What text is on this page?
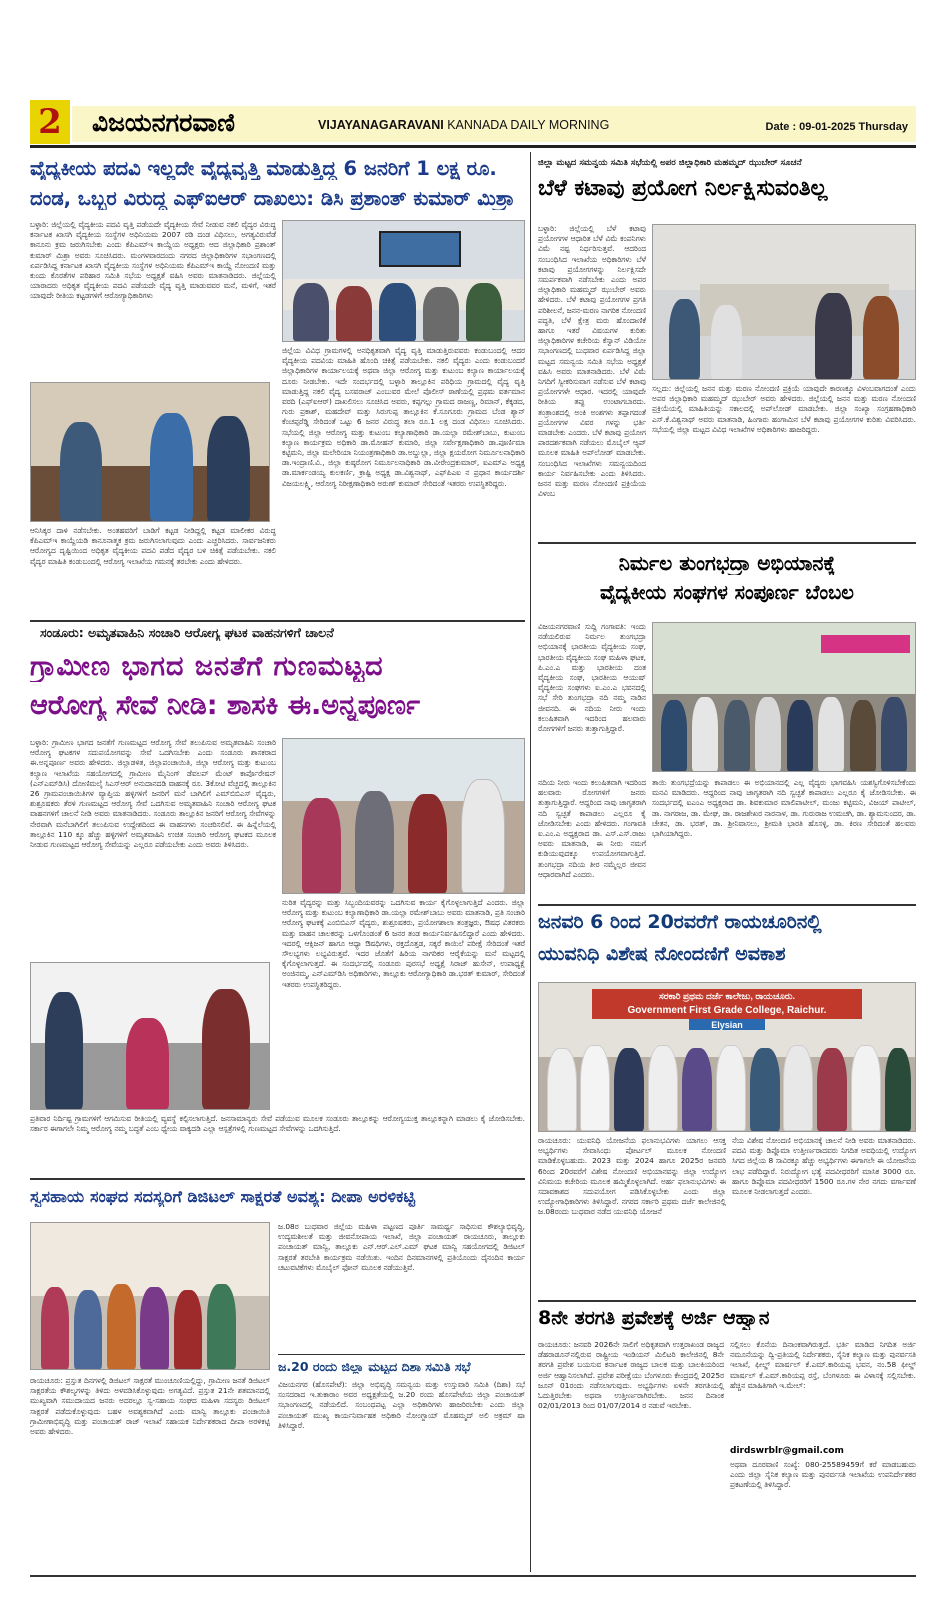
2	ವಿಜಯನಗರವಾಣಿ	VIJAYANAGARAVANI KANNADA DAILY MORNING	Date : 09-01-2025 Thursday
ವೈದ್ಯಕೀಯ ಪದವಿ ಇಲ್ಲದೇ ವೈದ್ಯವೃತ್ತಿ ಮಾಡುತ್ತಿದ್ದ 6 ಜನರಿಗೆ 1 ಲಕ್ಷ ರೂ.
ದಂಡ, ಒಬ್ಬರ ವಿರುದ್ಧ ಎಫ್‌ಐಆರ್ ದಾಖಲು: ಡಿಸಿ ಪ್ರಶಾಂತ್ ಕುಮಾರ್ ಮಿಶ್ರಾ
ಬಳ್ಳಾರಿ: ಜಿಲ್ಲೆಯಲ್ಲಿ ವೈದ್ಯಕೀಯ ಪದವಿ ವೃತ್ತಿ ಪಡೆಯದೇ ವೈದ್ಯಕೀಯ ಸೇವೆ ನೀಡುವ ನಕಲಿ ವೈದ್ಯರ ವಿರುದ್ಧ ಕರ್ನಾಟಕ ಖಾಸಗಿ ವೈದ್ಯಕೀಯ ಸಂಸ್ಥೆಗಳ ಅಧಿನಿಯಮ 2007 ರಡಿ ದಂಡ ವಿಧಿಸಲು, ಅಗತ್ಯವಿರುವೆಡೆ ಕಾನೂನು ಕ್ರಮ ಜರುಗಿಸಬೇಕು ಎಂದು ಕೆಪಿಎಮ್‌ಇ ಕಾಯ್ದೆಯ ಅಧ್ಯಕ್ಷರು ಆದ ಜಿಲ್ಲಾಧಿಕಾರಿ ಪ್ರಶಾಂತ್ ಕುಮಾರ್ ಮಿಶ್ರಾ ಅವರು ಸೂಚಿಸಿದರು. ಮಂಗಳವಾರದಂದು ನಗರದ ಜಿಲ್ಲಾಧಿಕಾರಿಗಳ ಸಭಾಂಗಣದಲ್ಲಿ ಏರ್ಪಡಿಸಿದ್ದ ಕರ್ನಾಟಕ ಖಾಸಗಿ ವೈದ್ಯಕೀಯ ಸಂಸ್ಥೆಗಳ ಅಧಿನಿಯಮ ಕೆಪಿಎಮ್‌ಇ ಕಾಯ್ದೆ ನೋಂದಣಿ ಮತ್ತು ಕುಂದು ಕೊರತೆಗಳ ಪರಿಹಾರ ಸಮಿತಿ ಸಭೆಯ ಅಧ್ಯಕ್ಷತೆ ವಹಿಸಿ ಅವರು ಮಾತನಾಡಿದರು. ಜಿಲ್ಲೆಯಲ್ಲಿ ಯಾರಾದರು ಅಧಿಕೃತ ವೈದ್ಯಕೀಯ ಪದವಿ ಪಡೆಯದೇ ವೈದ್ಯ ವೃತ್ತಿ ಮಾಡುವವರ ಮನೆ, ಮಳಿಗೆ, ಇತರೆ ಯಾವುದೇ ರೀತಿಯ ಕಟ್ಟಡಗಳಿಗೆ ಆರೋಗ್ಯಾಧಿಕಾರಿಗಳು
ಆನಿಸಿಕ್ಕರ ದಾಳಿ ನಡೆಸಬೇಕು. ಅಂತಹವರಿಗೆ ಬಾಡಿಗೆ ಕಟ್ಟಡ ನೀಡಿದ್ದಲ್ಲಿ ಕಟ್ಟಡ ಮಾಲೀಕರ ವಿರುದ್ಧ ಕೆಪಿಎಮ್‌ಇ ಕಾಯ್ದೆಯಡಿ ಕಾನೂನಾತ್ಮಕ ಕ್ರಮ ಜರುಗಿಸಲಾಗುವುದು ಎಂದು ಎಚ್ಚರಿಸಿದರು. ಸಾರ್ವಜನಿಕರು ಆರೋಗ್ಯದ ದೃಷ್ಟಿಯಿಂದ ಅಧಿಕೃತ ವೈದ್ಯಕೀಯ ಪದವಿ ಪಡೆದ ವೈದ್ಯರ ಬಳಿ ಚಿಕಿತ್ಸೆ ಪಡೆಯಬೇಕು. ನಕಲಿ ವೈದ್ಯರ ಮಾಹಿತಿ ಕಂಡುಬಂದಲ್ಲಿ ಆರೋಗ್ಯ ಇಲಾಖೆಯ ಗಮನಕ್ಕೆ ತರಬೇಕು ಎಂದು ಹೇಳಿದರು.
ಜಿಲ್ಲೆಯ ವಿವಿಧ ಗ್ರಾಮಗಳಲ್ಲಿ ಅನಧಿಕೃತವಾಗಿ ವೈದ್ಯ ವೃತ್ತಿ ಮಾಡುತ್ತಿರುವವರು ಕಂಡುಬಂದಲ್ಲಿ ಆದರ ವೈದ್ಯಕೀಯ ಪದವಿಯ ಮಾಹಿತಿ ಹೊಂದಿ ಚಿಕಿತ್ಸೆ ಪಡೆಯಬೇಕು. ನಕಲಿ ವೈದ್ಯರು ಎಂದು ಕಂಡುಬಂದರೆ ಜಿಲ್ಲಾಧಿಕಾರಿಗಳ ಕಾರ್ಯಾಲಯಕ್ಕೆ ಅಥವಾ ಜಿಲ್ಲಾ ಆರೋಗ್ಯ ಮತ್ತು ಕುಟುಂಬ ಕಲ್ಯಾಣ ಕಾರ್ಯಾಲಯಕ್ಕೆ ದೂರು ನೀಡಬೇಕು. ಇದೇ ಸಂದರ್ಭದಲ್ಲಿ ಬಳ್ಳಾರಿ ತಾಲ್ಲೂಕಿನ ಪರಿಧಿಯ ಗ್ರಾಮದಲ್ಲಿ ವೈದ್ಯ ವೃತ್ತಿ ಮಾಡುತ್ತಿದ್ದ ನಕಲಿ ವೈದ್ಯ ಬಸವರಾಜ್ ಎಂಬುವರ ಮೇಲೆ ಪೊಲೀಸ್ ಠಾಣೆಯಲ್ಲಿ ಪ್ರಥಮ ವರ್ತಮಾನ ವರದಿ (ಎಫ್‌ಐಆರ್) ದಾಖಲಿಸಲು ಸೂಚಿಸಿದ ಅವರು, ಕಪ್ಪಗಲ್ಲು ಗ್ರಾಮದ ರಾಜಣ್ಣ, ರಿಮಾನ್, ಕೆಕ್ಕಡದ, ಗುರು ಪ್ರಕಾಶ್, ಮಹದೇವ್ ಮತ್ತು ಸಿರುಗುಪ್ಪ ತಾಲ್ಲೂಕಿನ ಕೆ.ಸೂಗೂರು ಗ್ರಾಮದ ಬೆಂಡ ಶ್ಯಾನ್ ಕೆಂಚಪ್ಪರೆಡ್ಡಿ ಸೇರಿದಂತೆ ಒಟ್ಟು 6 ಜನರ ವಿರುದ್ಧ ತಲಾ ರೂ.1 ಲಕ್ಷ ದಂಡ ವಿಧಿಸಲು ಸೂಚಿಸಿದರು. ಸಭೆಯಲ್ಲಿ ಜಿಲ್ಲಾ ಆರೋಗ್ಯ ಮತ್ತು ಕುಟುಂಬ ಕಲ್ಯಾಣಾಧಿಕಾರಿ ಡಾ.ಯಲ್ಲಾ ರಮೇಶ್‌ಬಾಬು, ಕುಟುಂಬ ಕಲ್ಯಾಣ ಕಾರ್ಯಕ್ರಮ ಅಧಿಕಾರಿ ಡಾ.ಮೋಹನ್ ಕುಮಾರಿ, ಜಿಲ್ಲಾ ಸರ್ವೇಕ್ಷಣಾಧಿಕಾರಿ ಡಾ.ಪೂರ್ಣಿಮಾ ಕಟ್ಟಿಮನಿ, ಜಿಲ್ಲಾ ಮಲೇರಿಯಾ ನಿಯಂತ್ರಣಾಧಿಕಾರಿ ಡಾ.ಅಬ್ದುಲ್ಲಾ, ಜಿಲ್ಲಾ ಕ್ಷಯರೋಗ ನಿರ್ಮೂಲನಾಧಿಕಾರಿ ಡಾ.ಇಂದ್ರಾಣಿ.ವಿ., ಜಿಲ್ಲಾ ಕುಷ್ಠರೋಗ ನಿರ್ಮೂಲನಾಧಿಕಾರಿ ಡಾ.ವೀರೇಂದ್ರಕುಮಾರ್, ಐಎಮ್‌ಎ ಅಧ್ಯಕ್ಷ ಡಾ.ಮಾರ್ಕಂಡಯ್ಯ ಕುಲಕರ್ಣಿ, ಕ್ರಾಷ್ಟಿ ಅಧ್ಯಕ್ಷ ಡಾ.ವಿಶ್ವನಾಥ್, ಎಫ್‌ಪಿಎಐ ನ ಪ್ರಧಾನ ಕಾರ್ಯದರ್ಶಿ ವಿಜಯಲಕ್ಷ್ಮಿ, ಆರೋಗ್ಯ ನಿರೀಕ್ಷಣಾಧಿಕಾರಿ ಅರುಣ್ ಕುಮಾರ್ ಸೇರಿದಂತೆ ಇತರರು ಉಪಸ್ಥಿತರಿದ್ದರು.
ಸಂಡೂರು: ಅಮೃತವಾಹಿನಿ ಸಂಚಾರಿ ಆರೋಗ್ಯ ಘಟಕ ವಾಹನಗಳಿಗೆ ಚಾಲನೆ
ಗ್ರಾಮೀಣ ಭಾಗದ ಜನತೆಗೆ ಗುಣಮಟ್ಟದ
ಆರೋಗ್ಯ ಸೇವೆ ನೀಡಿ: ಶಾಸಕಿ ಈ.ಅನ್ನಪೂರ್ಣ
ಬಳ್ಳಾರಿ: ಗ್ರಾಮೀಣ ಭಾಗದ ಜನತೆಗೆ ಗುಣಮಟ್ಟದ ಆರೋಗ್ಯ ಸೇವೆ ತಲುಪಿಸುವ ಅಮೃತವಾಹಿನಿ ಸಂಚಾರಿ ಆರೋಗ್ಯ ಘಟಕಗಳ ಸದುಪಯೋಗವನ್ನು ಸೇವೆ ಒದಗಿಸಬೇಕು ಎಂದು ಸಂಡೂರು ಶಾಸಕರಾದ ಈ.ಅನ್ನಪೂರ್ಣ ಅವರು ಹೇಳಿದರು. ಜಿಲ್ಲಾಡಳಿತ, ಜಿಲ್ಲಾಪಂಚಾಯಿತಿ, ಜಿಲ್ಲಾ ಆರೋಗ್ಯ ಮತ್ತು ಕುಟುಂಬ ಕಲ್ಯಾಣ ಇಲಾಖೆಯ ಸಹಯೋಗದಲ್ಲಿ ಗ್ರಾಮೀಣ ಮೈನಿಂಗ್ ಡೆವಲಪ್ ಮೆಂಟ್ ಕಾರ್ಪೊರೇಷನ್ (ಎನ್‌ಎಮ್‌ಡಿಸಿ) ದೋಣಿಮಲೈ ಸಿಎಸ್‌ಆರ್ ಅನುದಾನದಡಿ ವಾಹನಕ್ಕೆ ರೂ. 3ಕೋಟಿ ವೆಚ್ಚದಲ್ಲಿ ತಾಲ್ಲೂಕಿನ 26 ಗ್ರಾಮಪಂಚಾಯಿತಿಗಳ ವ್ಯಾಪ್ತಿಯ ಹಳ್ಳಿಗಳಿಗೆ ಜನರಿಗೆ ಮನೆ ಬಾಗಿಲಿಗೆ ಎಮ್‌ಬಿಬಿಎಸ್ ವೈದ್ಯರು, ಶುಶ್ರೂಷಕರು ತೆರಳಿ ಗುಣಮಟ್ಟದ ಆರೋಗ್ಯ ಸೇವೆ ಒದಗಿಸುವ ಅಮೃತವಾಹಿನಿ ಸಂಚಾರಿ ಆರೋಗ್ಯ ಘಟಕ ವಾಹನಗಳಿಗೆ ಚಾಲನೆ ನೀಡಿ ಅವರು ಮಾತನಾಡಿದರು. ಸಂಡೂರು ತಾಲ್ಲೂಕಿನ ಜನರಿಗೆ ಆರೋಗ್ಯ ಸೇವೆಗಳನ್ನು ನೇರವಾಗಿ ಮನೆಬಾಗಿಲಿಗೆ ತಲುಪಿಸುವ ಉದ್ದೇಶದಿಂದ ಈ ವಾಹನಗಳು ಸಂಚರಿಸಲಿವೆ. ಈ ಹಿನ್ನೆಲೆಯಲ್ಲಿ ತಾಲ್ಲೂಕಿನ 110 ಕ್ಕೂ ಹೆಚ್ಚು ಹಳ್ಳಿಗಳಿಗೆ ಅಮೃತವಾಹಿನಿ ಉಚಿತ ಸಂಚಾರಿ ಆರೋಗ್ಯ ಘಟಕದ ಮೂಲಕ ನೀಡುವ ಗುಣಮಟ್ಟದ ಆರೋಗ್ಯ ಸೇವೆಯನ್ನು ಎಲ್ಲರೂ ಪಡೆಯಬೇಕು ಎಂದು ಅವರು ತಿಳಿಸಿದರು.
ನುರಿತ ವೈದ್ಯರನ್ನು ಮತ್ತು ಸಿಬ್ಬಂದಿಯವರನ್ನು ಒದಗಿಸುವ ಕಾರ್ಯ ಕೈಗೊಳ್ಳಲಾಗುತ್ತಿದೆ ಎಂದರು. ಜಿಲ್ಲಾ ಆರೋಗ್ಯ ಮತ್ತು ಕುಟುಂಬ ಕಲ್ಯಾಣಾಧಿಕಾರಿ ಡಾ.ಯಲ್ಲಾ ರಮೇಶ್‌ಬಾಬು ಅವರು ಮಾತನಾಡಿ, ಪ್ರತಿ ಸಂಚಾರಿ ಆರೋಗ್ಯ ಘಟಕಕ್ಕೆ ಎಂಬಿಬಿಎಸ್ ವೈದ್ಯರು, ಶುಶ್ರೂಷಕರು, ಪ್ರಯೋಗಶಾಲಾ ತಂತ್ರಜ್ಞರು, ಔಷಧ ವಿತರಕರು ಮತ್ತು ವಾಹನ ಚಾಲಕರನ್ನು ಒಳಗೊಂಡಂತೆ 6 ಜನರ ತಂಡ ಕಾರ್ಯನಿರ್ವಹಿಸಲಿದ್ದಾರೆ ಎಂದು ಹೇಳಿದರು. ಇದರಲ್ಲಿ ಆಕ್ಸಿಜನ್ ಹಾಗೂ ಆಧ್ಯಾ ಔಷಧಿಗಳು, ರಕ್ತದೊತ್ತಡ, ಸಕ್ಕರೆ ಕಾಯಿಲೆ ಪರೀಕ್ಷೆ ಸೇರಿದಂತೆ ಇತರೆ ಸೌಲಭ್ಯಗಳು ಲಭ್ಯವಿರುತ್ತವೆ. ಇದರ ಜೊತೆಗೆ ಹಿರಿಯ ನಾಗರಿಕರ ಆರೈಕೆಯನ್ನು ಮನೆ ಮಟ್ಟದಲ್ಲಿ ಕೈಗೊಳ್ಳಲಾಗುತ್ತದೆ. ಈ ಸಂದರ್ಭದಲ್ಲಿ ಸಂಡೂರು ಪುರಸಭೆ ಅಧ್ಯಕ್ಷೆ ಸಿರಾಜ್ ಹುಸೇನ್, ಉಪಾಧ್ಯಕ್ಷೆ ಅಂಜಿನಮ್ಮ, ಎನ್‌ಎಮ್‌ಡಿಸಿ ಅಧಿಕಾರಿಗಳು, ತಾಲ್ಲೂಕು ಆರೋಗ್ಯಾಧಿಕಾರಿ ಡಾ.ಭರತ್ ಕುಮಾರ್, ಸೇರಿದಂತೆ ಇತರರು ಉಪಸ್ಥಿತರಿದ್ದರು.
ಪ್ರತಿವಾರ ನಿರ್ದಿಷ್ಟ ಗ್ರಾಮಗಳಿಗೆ ಆಗಮಿಸುವ ರೀತಿಯಲ್ಲಿ ವ್ಯವಸ್ಥೆ ಕಲ್ಪಿಸಲಾಗುತ್ತಿದೆ. ಜನಸಾಮಾನ್ಯರು ಸೇವೆ ಪಡೆಯುವ ಮೂಲಕ ಸಂಡೂರು ತಾಲ್ಲೂಕನ್ನು ಆರೋಗ್ಯಯುಕ್ತ ತಾಲ್ಲೂಕನ್ನಾಗಿ ಮಾಡಲು ಕೈ ಜೋಡಿಸಬೇಕು. ಸರ್ಕಾರ ಈಗಾಗಲೇ ನಿಮ್ಮ ಆರೋಗ್ಯ ನಮ್ಮ ಬದ್ಧತೆ ಎಂಬ ಧ್ಯೇಯ ವಾಕ್ಯದಡಿ ಎಲ್ಲಾ ಆಸ್ಪತ್ರೆಗಳಲ್ಲಿ ಗುಣಮಟ್ಟದ ಸೇವೆಗಳನ್ನು ಒದಗಿಸುತ್ತಿದೆ.
ಸ್ವಸಹಾಯ ಸಂಘದ ಸದಸ್ಯರಿಗೆ ಡಿಜಿಟಲ್ ಸಾಕ್ಷರತೆ ಅವಶ್ಯ: ದೀಪಾ ಅರಳಿಕಟ್ಟಿ
ಜ.08ರ ಬುಧವಾರ ಜಿಲ್ಲೆಯ ಮಹಿಳಾ ಪಟ್ಟಣದ ಪೂರ್ತಿ ಸಾಮರ್ಥ್ಯ ಸಾಧಿಸುವ ಕೌಶಲ್ಯಾಭಿವೃದ್ಧಿ, ಉದ್ಯಮಶೀಲತೆ ಮತ್ತು ಜೀವನೋಪಾಯ ಇಲಾಖೆ, ಜಿಲ್ಲಾ ಪಂಚಾಯತ್ ರಾಯಚೂರು, ತಾಲ್ಲೂಕು ಪಂಚಾಯತ್ ಮಾನ್ವಿ, ತಾಲ್ಲೂಕು ಎನ್.ಆರ್.ಎಲ್.ಎಮ್ ಘಟಕ ಮಾನ್ವಿ ಸಹಯೋಗದಲ್ಲಿ ಡಿಜಿಟಲ್ ಸಾಕ್ಷರತೆ ತರಬೇತಿ ಕಾರ್ಯಕ್ರಮ ನಡೆಯಿತು. ಇಂದಿನ ದಿನಮಾನಗಳಲ್ಲಿ ಪ್ರತಿಯೊಂದು ದೈನಂದಿನ ಕಾರ್ಯ ಚಟುವಟಿಕೆಗಳು ಮೊಬೈಲ್ ಫೋನ್ ಮೂಲಕ ನಡೆಯುತ್ತಿವೆ.
ರಾಯಚೂರು: ಪ್ರಸ್ತುತ ದಿನಗಳಲ್ಲಿ ಡಿಜಿಟಲ್ ಸಾಕ್ಷರತೆ ಮುಂಚೂಣಿಯಲ್ಲಿದ್ದು, ಗ್ರಾಮೀಣ ಜನತೆ ಡಿಜಿಟಲ್ ಸಾಕ್ಷರತೆಯ ಕೌಶಲ್ಯಗಳನ್ನು ತಿಳಿದು ಅಳವಡಿಸಿಕೊಳ್ಳುವುದು ಅಗತ್ಯವಿದೆ. ಪ್ರಸ್ತುತ 21ನೇ ಶತಮಾನದಲ್ಲಿ ಮುಖ್ಯವಾಗಿ ಸಮುದಾಯದ ಜನರು ಅದರಲ್ಲೂ ಸ್ವ-ಸಹಾಯ ಸಂಘದ ಮಹಿಳಾ ಸದಸ್ಯರು ಡಿಜಿಟಲ್ ಸಾಕ್ಷರತೆ ಪಡೆದುಕೊಳ್ಳುವುದು ಬಹಳ ಅವಶ್ಯಕವಾಗಿದೆ ಎಂದು ಮಾನ್ವಿ ತಾಲ್ಲೂಕು ಪಂಚಾಯಿತಿ ಗ್ರಾಮೀಣಾಭಿವೃದ್ಧಿ ಮತ್ತು ಪಂಚಾಯತ್ ರಾಜ್ ಇಲಾಖೆ ಸಹಾಯಕ ನಿರ್ದೇಶಕರಾದ ದೀಪಾ ಅರಳಿಕಟ್ಟಿ ಅವರು ಹೇಳಿದರು.
ಜ.20 ರಂದು ಜಿಲ್ಲಾ ಮಟ್ಟದ ದಿಶಾ ಸಮಿತಿ ಸಭೆ
ವಿಜಯನಗರ (ಹೊಸಪೇಟೆ): ಜಿಲ್ಲಾ ಅಭಿವೃದ್ಧಿ ಸಮನ್ವಯ ಮತ್ತು ಉಸ್ತುವಾರಿ ಸಮಿತಿ (ದಿಶಾ) ಸಭೆ ಸಂಸದರಾದ ಇ.ತುಕಾರಾಂ ಅವರ ಅಧ್ಯಕ್ಷತೆಯಲ್ಲಿ ಜ.20 ರಂದು ಹೊಸಪೇಟೆಯ ಜಿಲ್ಲಾ ಪಂಚಾಯತ್ ಸಭಾಂಗಣದಲ್ಲಿ ನಡೆಯಲಿದೆ. ಸಂಬಂಧಪಟ್ಟ ಎಲ್ಲಾ ಅಧಿಕಾರಿಗಳು ಹಾಜರಿರಬೇಕು ಎಂದು ಜಿಲ್ಲಾ ಪಂಚಾಯತ್ ಮುಖ್ಯ ಕಾರ್ಯನಿರ್ವಾಹಕ ಅಧಿಕಾರಿ ನೋಂಗ್ಜಾಯ್ ಮೊಹಮ್ಮದ್ ಅಲಿ ಅಕ್ರಮ್ ಷಾ ತಿಳಿಸಿದ್ದಾರೆ.
ಜಿಲ್ಲಾ ಮಟ್ಟದ ಸಮನ್ವಯ ಸಮಿತಿ ಸಭೆಯಲ್ಲಿ ಅಪರ ಜಿಲ್ಲಾಧಿಕಾರಿ ಮಹಮ್ಮದ್ ಝುಬೇರ್ ಸೂಚನೆ
ಬೆಳೆ ಕಟಾವು ಪ್ರಯೋಗ ನಿರ್ಲಕ್ಷಿಸುವಂತಿಲ್ಲ
ಬಳ್ಳಾರಿ: ಜಿಲ್ಲೆಯಲ್ಲಿ ಬೆಳೆ ಕಟಾವು ಪ್ರಯೋಗಗಳ ಆಧಾರಿತ ಬೆಳೆ ವಿಮೆ ಕಂಪನಿಗಳು ವಿಮೆ ನಷ್ಟ ನಿರ್ಧರಿಸುತ್ತವೆ. ಆದರಿಂದ ಸಂಬಂಧಿಸಿದ ಇಲಾಖೆಯ ಅಧಿಕಾರಿಗಳು ಬೆಳೆ ಕಟಾವು ಪ್ರಯೋಗಗಳನ್ನು ನಿರ್ಲಕ್ಷಿಸದೇ ಸಮರ್ಪಕವಾಗಿ ನಡೆಸಬೇಕು ಎಂದು ಅಪರ ಜಿಲ್ಲಾಧಿಕಾರಿ ಮಹಮ್ಮದ್ ಝುಬೇರ್ ಅವರು ಹೇಳಿದರು. ಬೆಳೆ ಕಟಾವು ಪ್ರಯೋಗಗಳ ಪ್ರಗತಿ ಪರಿಶೀಲನೆ, ಜನನ-ಮರಣ ನಾಗರಿಕ ನೋಂದಣಿ ಪದ್ಧತಿ, ಬೆಳೆ ಕ್ಷೇತ್ರ ಮರು ಹೊಂದಾಣಿಕೆ ಹಾಗೂ ಇತರೆ ವಿಷಯಗಳ ಕುರಿತು ಜಿಲ್ಲಾಧಿಕಾರಿಗಳ ಕಚೇರಿಯ ಕೆಸ್ವಾನ್ ವಿಡಿಯೋ ಸಭಾಂಗಣದಲ್ಲಿ ಬುಧವಾರ ಏರ್ಪಡಿಸಿದ್ದ ಜಿಲ್ಲಾ ಮಟ್ಟದ ಸಮನ್ವಯ ಸಮಿತಿ ಸಭೆಯ ಅಧ್ಯಕ್ಷತೆ ವಹಿಸಿ ಅವರು ಮಾತನಾಡಿದರು. ಬೆಳೆ ವಿಮೆ ನಿಗದಿಗೆ ಸ್ವೀಕರಿಸುವಾಗ ನಡೆಸುವ ಬೆಳೆ ಕಟಾವು ಪ್ರಯೋಗಗಳೇ ಆಧಾರ. ಇದರಲ್ಲಿ ಯಾವುದೇ ರೀತಿಯ ತಪ್ಪು ಉಂಟಾಗಬಾರದು. ತಂತ್ರಾಂಶದಲ್ಲಿ ಅಂಕಿ ಅಂಶಗಳು ತಪ್ಪಾಗದಂತೆ ಪ್ರಯೋಗಗಳ ವಿವರ ಗಳನ್ನು ಭರ್ತಿ ಮಾಡಬೇಕು ಎಂದರು. ಬೆಳೆ ಕಟಾವು ಪ್ರಯೋಗ ಪಾರದರ್ಶಕವಾಗಿ ನಡೆಯಲು ಮೊಬೈಲ್ ಆ್ಯಪ್ ಮೂಲಕ ಮಾಹಿತಿ ಅಪ್‌ಲೋಡ್ ಮಾಡಬೇಕು. ಸಂಬಂಧಿಸಿದ ಇಲಾಖೆಗಳು ಸಮನ್ವಯದಿಂದ ಕಾರ್ಯ ನಿರ್ವಹಿಸಬೇಕು ಎಂದು ತಿಳಿಸಿದರು. ಜನನ ಮತ್ತು ಮರಣ ನೋಂದಣಿ ಪ್ರಕ್ರಿಯೆಯ ವಿಳಂಬ
ಸಲ್ಲದು: ಜಿಲ್ಲೆಯಲ್ಲಿ ಜನನ ಮತ್ತು ಮರಣ ನೋಂದಣಿ ಪ್ರಕ್ರಿಯೆ ಯಾವುದೇ ಕಾರಣಕ್ಕೂ ವಿಳಂಬವಾಗದಂತೆ ಎಂದು ಅಪರ ಜಿಲ್ಲಾಧಿಕಾರಿ ಮಹಮ್ಮದ್ ಝುಬೇರ್ ಅವರು ಹೇಳಿದರು. ಜಿಲ್ಲೆಯಲ್ಲಿ ಜನನ ಮತ್ತು ಮರಣ ನೋಂದಣಿ ಪ್ರಕ್ರಿಯೆಯಲ್ಲಿ ಮಾಹಿತಿಯನ್ನು ಸಕಾಲದಲ್ಲಿ ಅಪ್‌ಲೋಡ್ ಮಾಡಬೇಕು. ಜಿಲ್ಲಾ ಸಂಖ್ಯಾ ಸಂಗ್ರಹಣಾಧಿಕಾರಿ ಎಸ್.ಕೆ.ವಿಶ್ವನಾಥ್ ಅವರು ಮಾತನಾಡಿ, ಹಿಂಗಾರು ಹಂಗಾಮಿನ ಬೆಳೆ ಕಟಾವು ಪ್ರಯೋಗಗಳ ಕುರಿತು ವಿವರಿಸಿದರು. ಸಭೆಯಲ್ಲಿ ಜಿಲ್ಲಾ ಮಟ್ಟದ ವಿವಿಧ ಇಲಾಖೆಗಳ ಅಧಿಕಾರಿಗಳು ಹಾಜರಿದ್ದರು.
ನಿರ್ಮಲ ತುಂಗಭದ್ರಾ ಅಭಿಯಾನಕ್ಕೆ
ವೈದ್ಯಕೀಯ ಸಂಘಗಳ ಸಂಪೂರ್ಣ ಬೆಂಬಲ
ವಿಜಯನಗರವಾಣಿ ಸುದ್ದಿ ಗಂಗಾವತಿ: ಇಂದು ನಡೆಯಲಿರುವ ನಿರ್ಮಲ ತುಂಗಭದ್ರಾ ಅಭಿಯಾನಕ್ಕೆ ಭಾರತೀಯ ವೈದ್ಯಕೀಯ ಸಂಘ, ಭಾರತೀಯ ವೈದ್ಯಕೀಯ ಸಂಘ ಮಹಿಳಾ ಘಟಕ, ಪಿ.ಎಂ.ಎ ಮತ್ತು ಭಾರತೀಯ ದಂತ ವೈದ್ಯಕೀಯ ಸಂಘ, ಭಾರತೀಯ ಆಯುಷ್ ವೈದ್ಯಕೀಯ ಸಂಘಗಳು ಐ.ಎಂ.ಎ ಭವನದಲ್ಲಿ ಸಭೆ ಸೇರಿ ತುಂಗಭದ್ರಾ ನದಿ ನಮ್ಮ ನಾಡಿನ ಜೀವನದಿ. ಈ ನದಿಯ ನೀರು ಇಂದು ಕಲುಷಿತವಾಗಿ ಇದರಿಂದ ಹಲವಾರು ರೋಗಗಳಿಗೆ ಜನರು ತುತ್ತಾಗುತ್ತಿದ್ದಾರೆ.
ನದಿಯ ನೀರು ಇಂದು ಕಲುಷಿತವಾಗಿ ಇದರಿಂದ ಹಲವಾರು ರೋಗಗಳಿಗೆ ಜನರು ತುತ್ತಾಗುತ್ತಿದ್ದಾರೆ. ಆದ್ದರಿಂದ ನಾವು ಜಾಗೃತರಾಗಿ ನದಿ ಸ್ವಚ್ಛತೆ ಕಾಪಾಡಲು ಎಲ್ಲರೂ ಕೈ ಜೋಡಿಸಬೇಕು ಎಂದು ಹೇಳಿದರು. ಗಂಗಾವತಿ ಐ.ಎಂ.ಎ ಅಧ್ಯಕ್ಷರಾದ ಡಾ. ಎಸ್.ಎಸ್.ರಾಜು ಅವರು ಮಾತನಾಡಿ, ಈ ನೀರು ನಮಗೆ ಕುಡಿಯುವುದಕ್ಕೂ ಉಪಯೋಗವಾಗುತ್ತಿದೆ. ತುಂಗಭದ್ರಾ ನದಿಯ ತೀರ ನಮ್ಮೆಲ್ಲರ ಜೀವನ ಆಧಾರವಾಗಿದೆ ಎಂದರು.
ತಾಯಿ ತುಂಗಭದ್ರೆಯನ್ನು ಕಾಪಾಡಲು ಈ ಅಭಿಯಾನದಲ್ಲಿ ಎಲ್ಲ ವೈದ್ಯರು ಭಾಗವಹಿಸಿ ಯಶಸ್ವಿಗೊಳಿಸಬೇಕೆಂದು ಮನವಿ ಮಾಡಿದರು. ಆದ್ದರಿಂದ ನಾವು ಜಾಗೃತರಾಗಿ ನದಿ ಸ್ವಚ್ಛತೆ ಕಾಪಾಡಲು ಎಲ್ಲರೂ ಕೈ ಜೋಡಿಸಬೇಕು. ಈ ಸಂದರ್ಭದಲ್ಲಿ ಐಎಂಎ ಅಧ್ಯಕ್ಷರಾದ ಡಾ. ಶಿವಕುಮಾರ ಮಾಲಿಪಾಟೀಲ್, ಮಂಜು ಕಟ್ಟಿಮನಿ, ವಿಜಯ್ ಪಾಟೀಲ್, ಡಾ. ನಾಗರಾಜ, ಡಾ. ಮೇಘ, ಡಾ. ರಾಜಶೇಖರ ನಾರನಾಳ, ಡಾ. ಗುರುರಾಜ ಉಮಚಗಿ, ಡಾ. ಶ್ಯಾಮಸುಂದರ, ಡಾ. ಚೇತನ, ಡಾ. ಭರತ್, ಡಾ. ಶ್ರೀನಿವಾಸಲು, ಶ್ರೀಮತಿ ಭಾರತಿ ಹೊಸಳ್ಳಿ, ಡಾ. ಕಿರಣ ಸೇರಿದಂತೆ ಹಲವರು ಭಾಗಿಯಾಗಿದ್ದರು.
ಜನವರಿ 6 ರಿಂದ 20ರವರೆಗೆ ರಾಯಚೂರಿನಲ್ಲಿ
ಯುವನಿಧಿ ವಿಶೇಷ ನೋಂದಣಿಗೆ ಅವಕಾಶ
ಸರಕಾರಿ ಪ್ರಥಮ ದರ್ಜೆ ಕಾಲೇಜು, ರಾಯಚೂರು.
Government First Grade College, Raichur.
Elysian
ರಾಯಚೂರು: ಯುವನಿಧಿ ಯೋಜನೆಯ ಫಲಾನುಭವಿಗಳು ಯಾಗಲು ಆಸಕ್ತ ಅಭ್ಯರ್ಥಿಗಳು ಸೇವಾಸಿಂಧು ಪೋರ್ಟಲ್ ಮೂಲಕ ನೋಂದಣಿ ಮಾಡಿಕೊಳ್ಳಬಹುದು. 2023 ಮತ್ತು 2024 ಹಾಗೂ 2025ರ ಜನವರಿ 6ರಿಂದ 20ರವರೆಗೆ ವಿಶೇಷ ನೋಂದಣಿ ಅಭಿಯಾನವನ್ನು ಜಿಲ್ಲಾ ಉದ್ಯೋಗ ವಿನಿಮಯ ಕಚೇರಿಯ ಮೂಲಕ ಹಮ್ಮಿಕೊಳ್ಳಲಾಗಿದೆ. ಅರ್ಹ ಫಲಾನುಭವಿಗಳು ಈ ಸದಾವಕಾಶದ ಸದುಪಯೋಗ ಪಡಿಸಿಕೊಳ್ಳಬೇಕು ಎಂದು ಜಿಲ್ಲಾ ಉದ್ಯೋಗಾಧಿಕಾರಿಗಳು ತಿಳಿಸಿದ್ದಾರೆ. ನಗರದ ಸರ್ಕಾರಿ ಪ್ರಥಮ ದರ್ಜೆ ಕಾಲೇಜಿನಲ್ಲಿ ಜ.08ರಂದು ಬುಧವಾರ ನಡೆದ ಯುವನಿಧಿ ಯೋಜನೆ
ನೆಯ ವಿಶೇಷ ನೋಂದಣಿ ಅಭಿಯಾನಕ್ಕೆ ಚಾಲನೆ ನೀಡಿ ಅವರು ಮಾತನಾಡಿದರು. ಪದವಿ ಮತ್ತು ಡಿಪ್ಲೊಮಾ ಉತ್ತೀರ್ಣರಾದವರು ನಿಗದಿತ ಅವಧಿಯಲ್ಲಿ ಉದ್ಯೋಗ ಸಿಗದ ಜಿಲ್ಲೆಯ 8 ಸಾವಿರಕ್ಕೂ ಹೆಚ್ಚು ಅಭ್ಯರ್ಥಿಗಳು ಈಗಾಗಲೇ ಈ ಯೋಜನೆಯ ಲಾಭ ಪಡೆದಿದ್ದಾರೆ. ನಿರುದ್ಯೋಗ ಭತ್ಯೆ ಪದವೀಧರರಿಗೆ ಮಾಸಿಕ 3000 ರೂ. ಹಾಗೂ ಡಿಪ್ಲೊಮಾ ಪದವೀಧರರಿಗೆ 1500 ರೂ.ಗಳ ನೇರ ನಗದು ವರ್ಗಾವಣೆ ಮೂಲಕ ನೀಡಲಾಗುತ್ತದೆ ಎಂದರು.
8ನೇ ತರಗತಿ ಪ್ರವೇಶಕ್ಕೆ ಅರ್ಜಿ ಆಹ್ವಾನ
ರಾಯಚೂರು: ಜನವರಿ 2026ನೇ ಸಾಲಿಗೆ ಅಧಿಕೃತವಾಗಿ ಉತ್ತರಾಖಂಡ ರಾಜ್ಯದ ಡೆಹರಾಡೂನ್‌ನಲ್ಲಿರುವ ರಾಷ್ಟ್ರೀಯ ಇಂಡಿಯನ್ ಮಿಲಿಟರಿ ಕಾಲೇಜಿನಲ್ಲಿ 8ನೇ ತರಗತಿ ಪ್ರವೇಶ ಬಯಸುವ ಕರ್ನಾಟಕ ರಾಜ್ಯದ ಬಾಲಕ ಮತ್ತು ಬಾಲಕಿಯರಿಂದ ಅರ್ಜಿ ಆಹ್ವಾನಿಸಲಾಗಿದೆ. ಪ್ರವೇಶ ಪರೀಕ್ಷೆಯು ಬೆಂಗಳೂರು ಕೇಂದ್ರದಲ್ಲಿ 2025ರ ಜೂನ್ 01ರಂದು ನಡೆಸಲಾಗುವುದು. ಅಭ್ಯರ್ಥಿಗಳು ಏಳನೇ ತರಗತಿಯಲ್ಲಿ ಓದುತ್ತಿರಬೇಕು ಅಥವಾ ಉತ್ತೀರ್ಣರಾಗಿರಬೇಕು. ಜನನ ದಿನಾಂಕ 02/01/2013 ರಿಂದ 01/07/2014 ರ ನಡುವೆ ಇರಬೇಕು.
ಸಲ್ಲಿಸಲು ಕೊನೆಯ ದಿನಾಂಕವಾಗಿರುತ್ತದೆ. ಭರ್ತಿ ಮಾಡಿದ ನಿಗದಿತ ಅರ್ಜಿ ನಮೂನೆಯನ್ನು ದ್ವಿ-ಪ್ರತಿಯಲ್ಲಿ ನಿರ್ದೇಶಕರು, ಸೈನಿಕ ಕಲ್ಯಾಣ ಮತ್ತು ಪುನರ್ವಸತಿ ಇಲಾಖೆ, ಫೀಲ್ಡ್ ಮಾರ್ಷಲ್ ಕೆ.ಎಮ್.ಕಾರಿಯಪ್ಪ ಭವನ, ನಂ.58 ಫೀಲ್ಡ್ ಮಾರ್ಷಲ್ ಕೆ.ಎಮ್.ಕಾರಿಯಪ್ಪ ರಸ್ತೆ, ಬೆಂಗಳೂರು ಈ ವಿಳಾಸಕ್ಕೆ ಸಲ್ಲಿಸಬೇಕು. ಹೆಚ್ಚಿನ ಮಾಹಿತಿಗಾಗಿ ಇ.ಮೇಲ್:
dirdswrblr@gmail.com
ಅಥವಾ ದೂರವಾಣಿ ಸಂಖ್ಯೆ: 080-25589459ಗೆ ಕರೆ ಮಾಡಬಹುದು ಎಂದು ಜಿಲ್ಲಾ ಸೈನಿಕ ಕಲ್ಯಾಣ ಮತ್ತು ಪುನರ್ವಸತಿ ಇಲಾಖೆಯ ಉಪನಿರ್ದೇಶಕರ ಪ್ರಕಟಣೆಯಲ್ಲಿ ತಿಳಿಸಿದ್ದಾರೆ.
